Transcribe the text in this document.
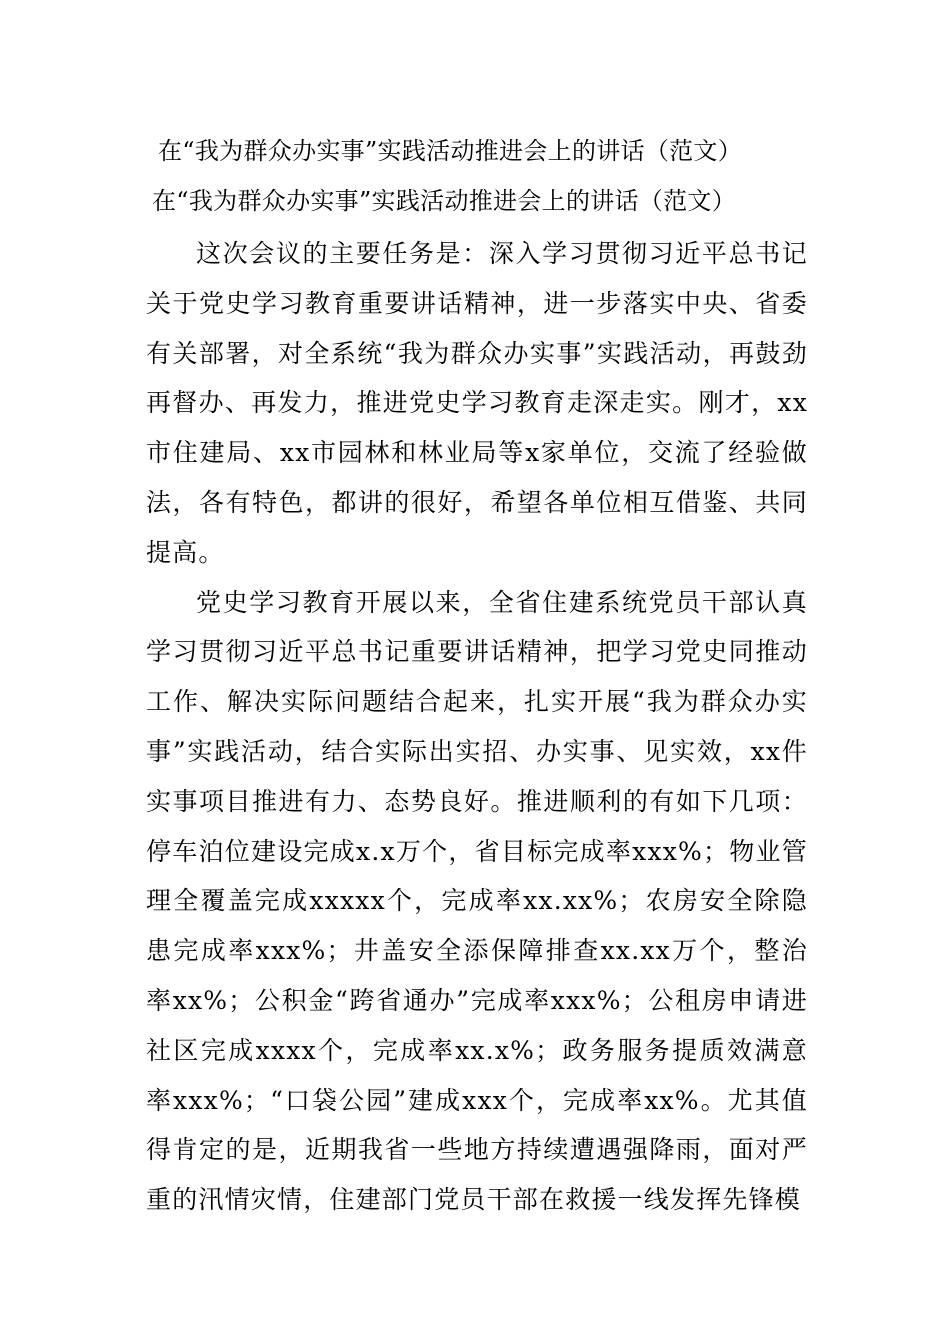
在“我为群众办实事”实践活动推进会上的讲话（范文）
在“我为群众办实事”实践活动推进会上的讲话（范文）

这次会议的主要任务是：深入学习贯彻习近平总书记关于党史学习教育重要讲话精神，进一步落实中央、省委有关部署，对全系统“我为群众办实事”实践活动，再鼓劲再督办、再发力，推进党史学习教育走深走实。刚才，xx市住建局、xx市园林和林业局等x家单位，交流了经验做法，各有特色，都讲的很好，希望各单位相互借鉴、共同提高。

党史学习教育开展以来，全省住建系统党员干部认真学习贯彻习近平总书记重要讲话精神，把学习党史同推动工作、解决实际问题结合起来，扎实开展“我为群众办实事”实践活动，结合实际出实招、办实事、见实效，xx件实事项目推进有力、态势良好。推进顺利的有如下几项：停车泊位建设完成x.x万个，省目标完成率xxx%；物业管理全覆盖完成xxxxx个，完成率xx.xx%；农房安全除隐患完成率xxx%；井盖安全添保障排查xx.xx万个，整治率xx%；公积金“跨省通办”完成率xxx%；公租房申请进社区完成xxxx个，完成率xx.x%；政务服务提质效满意率xxx%；“口袋公园”建成xxx个，完成率xx%。尤其值得肯定的是，近期我省一些地方持续遭遇强降雨，面对严重的汛情灾情，住建部门党员干部在救援一线发挥先锋模
